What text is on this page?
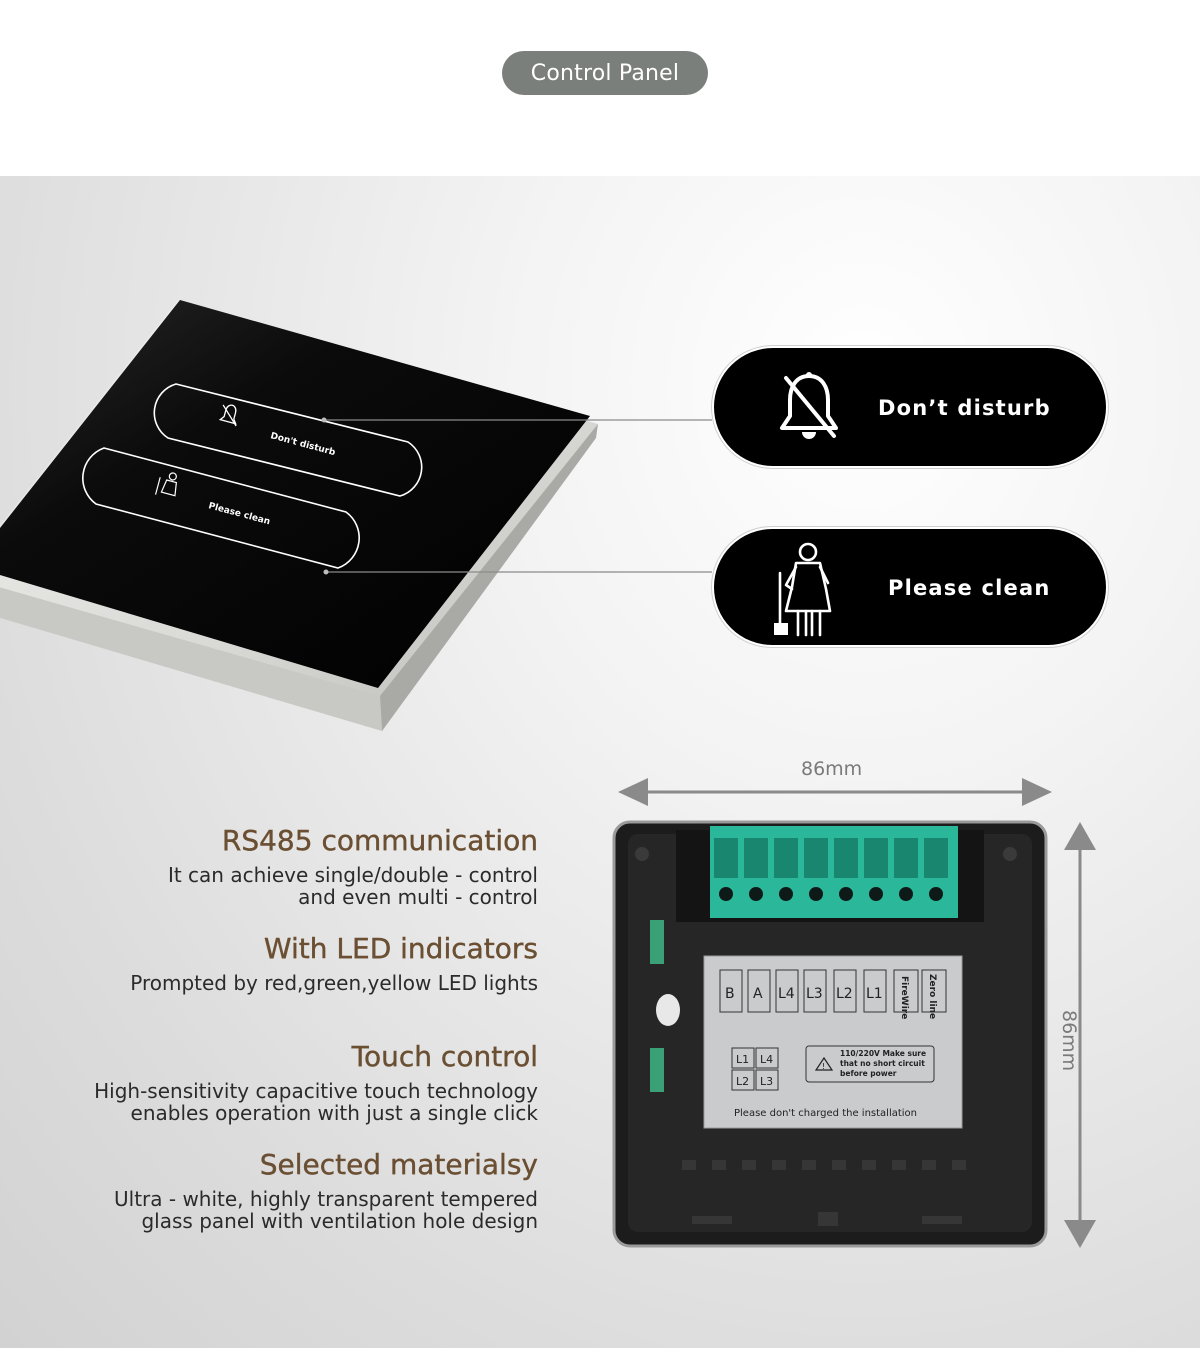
Control Panel
Don't disturb
Please clean
Don’t disturb
Please clean
86mm
86mm
B A L4 L3 L2 L1 FireWire Zero line
L1 L4
L2 L3
!
110/220V Make sure
that no short circuit
before power
Please don't charged the installation
RS485 communication

It can achieve single/double - control

and even multi - control

With LED indicators

Prompted by red,green,yellow LED lights

Touch control

High-sensitivity capacitive touch technology

enables operation with just a single click

Selected materialsy

Ultra - white, highly transparent tempered

glass panel with ventilation hole design
